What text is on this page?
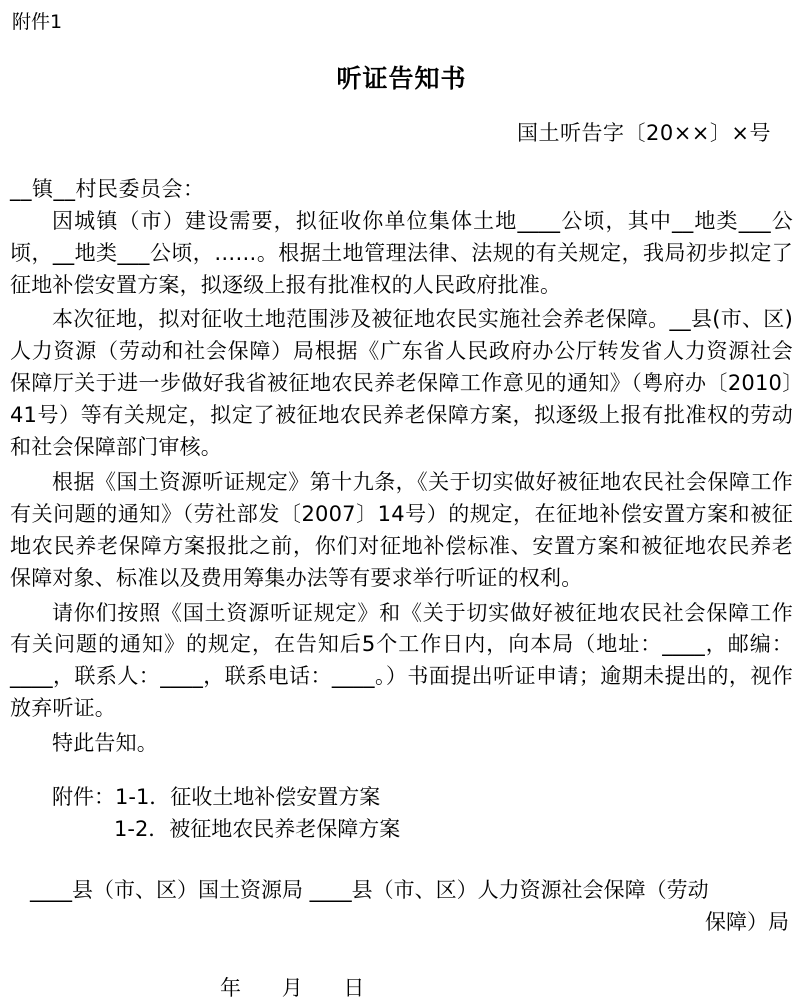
附件1
听证告知书
国土听告字〔20××〕×号
__镇__村民委员会：

因城镇（市）建设需要，拟征收你单位集体土地____公顷，其中__地类___公顷，__地类___公顷，……。根据土地管理法律、法规的有关规定，我局初步拟定了征地补偿安置方案，拟逐级上报有批准权的人民政府批准。

本次征地，拟对征收土地范围涉及被征地农民实施社会养老保障。__县(市、区)人力资源（劳动和社会保障）局根据《广东省人民政府办公厅转发省人力资源社会保障厅关于进一步做好我省被征地农民养老保障工作意见的通知》（粤府办〔2010〕41号）等有关规定，拟定了被征地农民养老保障方案，拟逐级上报有批准权的劳动和社会保障部门审核。

根据《国土资源听证规定》第十九条，《关于切实做好被征地农民社会保障工作有关问题的通知》（劳社部发〔2007〕14号）的规定，在征地补偿安置方案和被征地农民养老保障方案报批之前，你们对征地补偿标准、安置方案和被征地农民养老保障对象、标准以及费用筹集办法等有要求举行听证的权利。

请你们按照《国土资源听证规定》和《关于切实做好被征地农民社会保障工作有关问题的通知》的规定，在告知后5个工作日内，向本局（地址：____，邮编：____，联系人：____，联系电话：____。）书面提出听证申请；逾期未提出的，视作放弃听证。

特此告知。

附件：1-1．征收土地补偿安置方案
1-2．被征地农民养老保障方案
____县（市、区）国土资源局 ____县（市、区）人力资源社会保障（劳动
保障）局
年 月 日
